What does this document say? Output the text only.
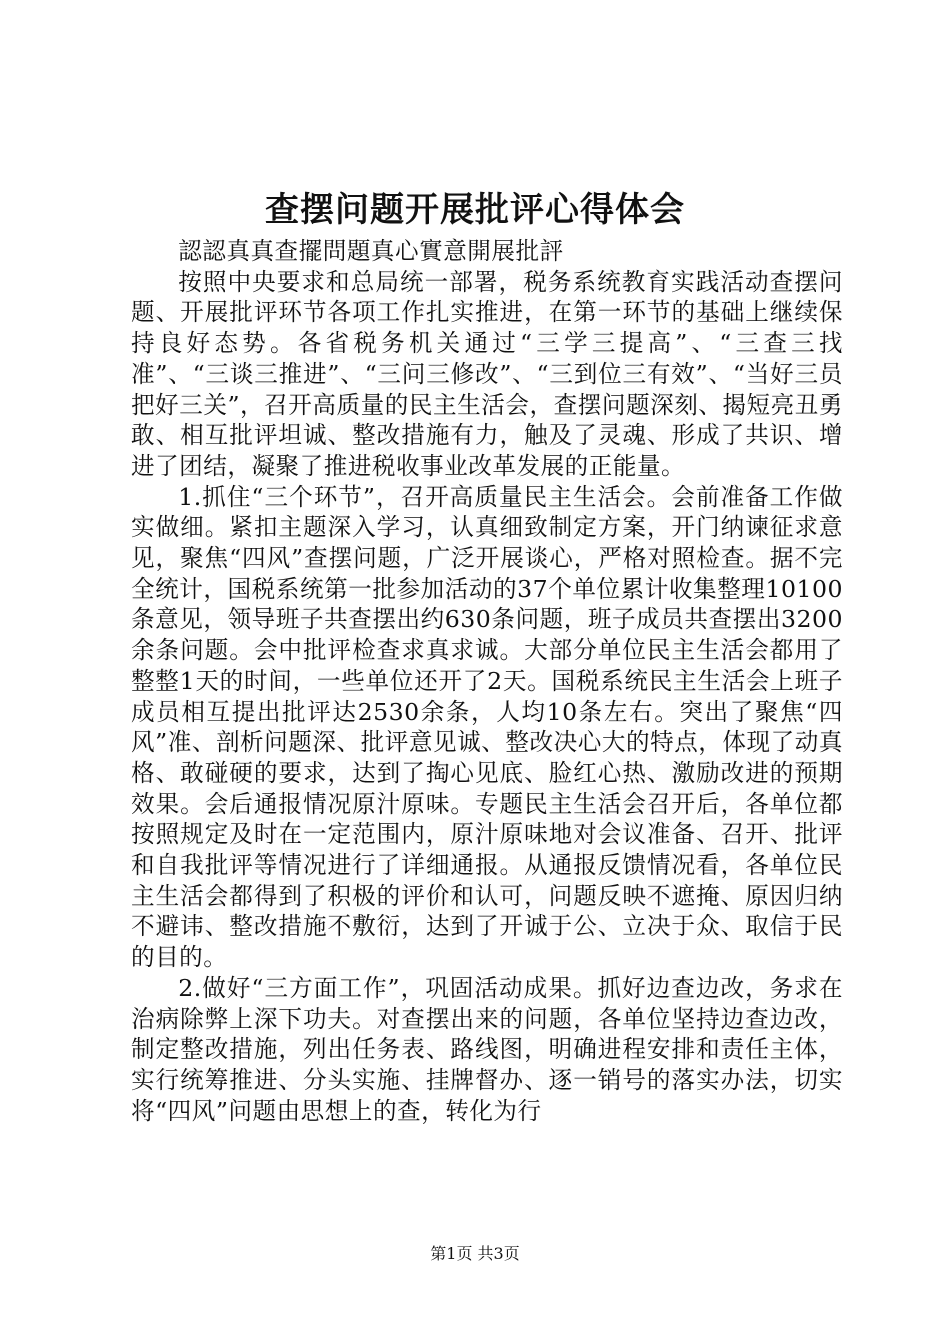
查摆问题开展批评心得体会

認認真真查擺問題真心實意開展批評

按照中央要求和总局统一部署，税务系统教育实践活动查摆问题、开展批评环节各项工作扎实推进，在第一环节的基础上继续保持良好态势。各省税务机关通过“三学三提高”、“三查三找准”、“三谈三推进”、“三问三修改”、“三到位三有效”、“当好三员把好三关”，召开高质量的民主生活会，查摆问题深刻、揭短亮丑勇敢、相互批评坦诚、整改措施有力，触及了灵魂、形成了共识、增进了团结，凝聚了推进税收事业改革发展的正能量。

1.抓住“三个环节”，召开高质量民主生活会。会前准备工作做实做细。紧扣主题深入学习，认真细致制定方案，开门纳谏征求意见，聚焦“四风”查摆问题，广泛开展谈心，严格对照检查。据不完全统计，国税系统第一批参加活动的37个单位累计收集整理10100条意见，领导班子共查摆出约630条问题，班子成员共查摆出3200余条问题。会中批评检查求真求诚。大部分单位民主生活会都用了整整1天的时间，一些单位还开了2天。国税系统民主生活会上班子成员相互提出批评达2530余条，人均10条左右。突出了聚焦“四风”准、剖析问题深、批评意见诚、整改决心大的特点，体现了动真格、敢碰硬的要求，达到了掏心见底、脸红心热、激励改进的预期效果。会后通报情况原汁原味。专题民主生活会召开后，各单位都按照规定及时在一定范围内，原汁原味地对会议准备、召开、批评和自我批评等情况进行了详细通报。从通报反馈情况看，各单位民主生活会都得到了积极的评价和认可，问题反映不遮掩、原因归纳不避讳、整改措施不敷衍，达到了开诚于公、立决于众、取信于民的目的。

2.做好“三方面工作”，巩固活动成果。抓好边查边改，务求在治病除弊上深下功夫。对查摆出来的问题，各单位坚持边查边改，制定整改措施，列出任务表、路线图，明确进程安排和责任主体，实行统筹推进、分头实施、挂牌督办、逐一销号的落实办法，切实将“四风”问题由思想上的查，转化为行

第1页 共3页
